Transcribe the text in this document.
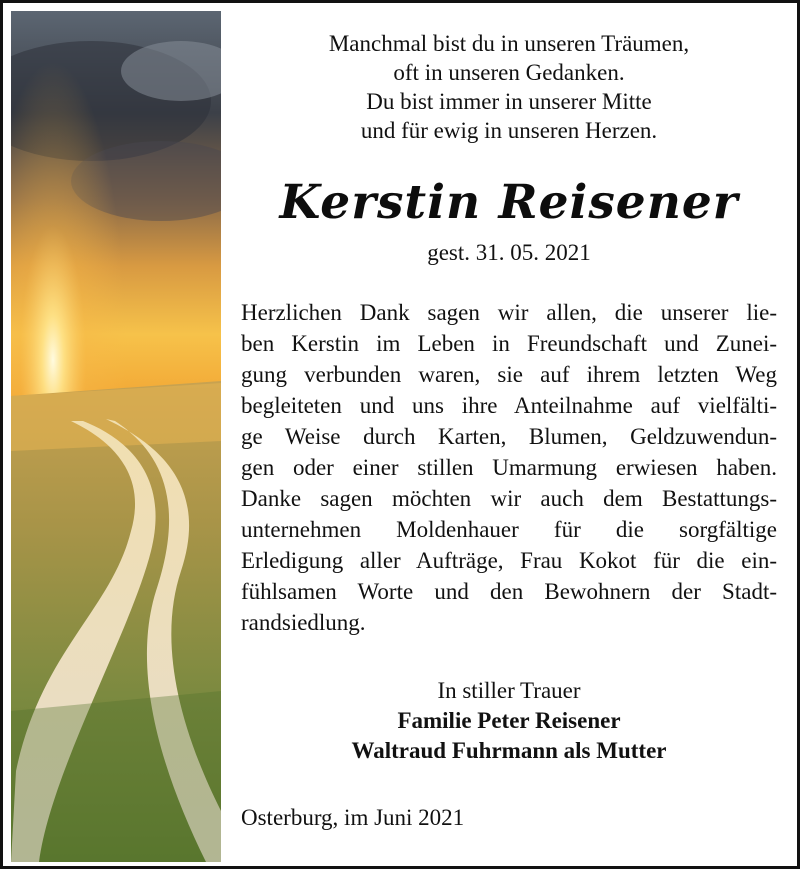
Manchmal bist du in unseren Träumen,
oft in unseren Gedanken.
Du bist immer in unserer Mitte
und für ewig in unseren Herzen.
Kerstin Reisener
gest. 31. 05. 2021
Herzlichen Dank sagen wir allen, die unserer lie-
ben Kerstin im Leben in Freundschaft und Zunei-
gung verbunden waren, sie auf ihrem letzten Weg
begleiteten und uns ihre Anteilnahme auf vielfälti-
ge Weise durch Karten, Blumen, Geldzuwendun-
gen oder einer stillen Umarmung erwiesen haben.
Danke sagen möchten wir auch dem Bestattungs-
unternehmen Moldenhauer für die sorgfältige
Erledigung aller Aufträge, Frau Kokot für die ein-
fühlsamen Worte und den Bewohnern der Stadt-
randsiedlung.
In stiller Trauer
Familie Peter Reisener
Waltraud Fuhrmann als Mutter
Osterburg, im Juni 2021
